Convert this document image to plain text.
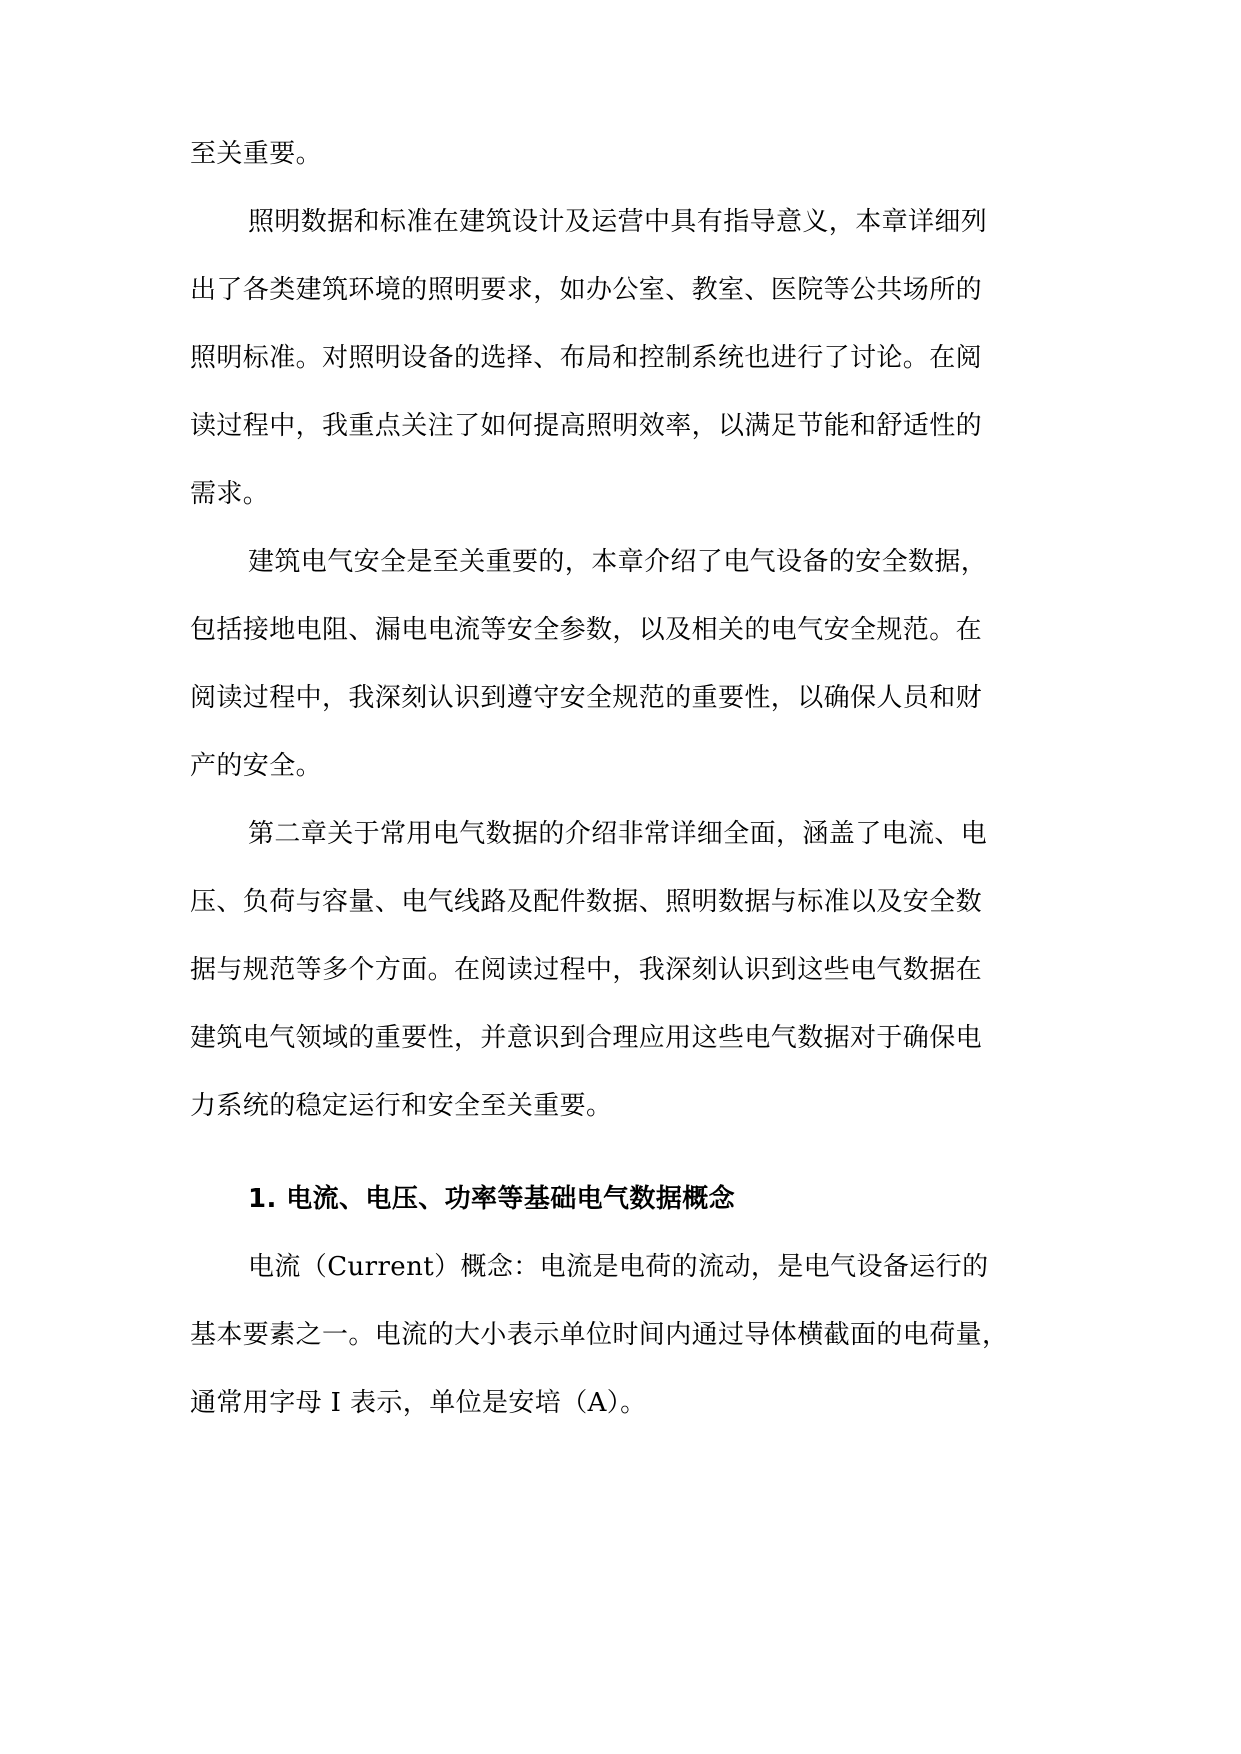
至关重要。
照明数据和标准在建筑设计及运营中具有指导意义，本章详细列
出了各类建筑环境的照明要求，如办公室、教室、医院等公共场所的
照明标准。对照明设备的选择、布局和控制系统也进行了讨论。在阅
读过程中，我重点关注了如何提高照明效率，以满足节能和舒适性的
需求。
建筑电气安全是至关重要的，本章介绍了电气设备的安全数据，
包括接地电阻、漏电电流等安全参数，以及相关的电气安全规范。在
阅读过程中，我深刻认识到遵守安全规范的重要性，以确保人员和财
产的安全。
第二章关于常用电气数据的介绍非常详细全面，涵盖了电流、电
压、负荷与容量、电气线路及配件数据、照明数据与标准以及安全数
据与规范等多个方面。在阅读过程中，我深刻认识到这些电气数据在
建筑电气领域的重要性，并意识到合理应用这些电气数据对于确保电
力系统的稳定运行和安全至关重要。
1. 电流、电压、功率等基础电气数据概念
电流（Current）概念：电流是电荷的流动，是电气设备运行的
基本要素之一。电流的大小表示单位时间内通过导体横截面的电荷量，
通常用字母 I 表示，单位是安培（A）。
